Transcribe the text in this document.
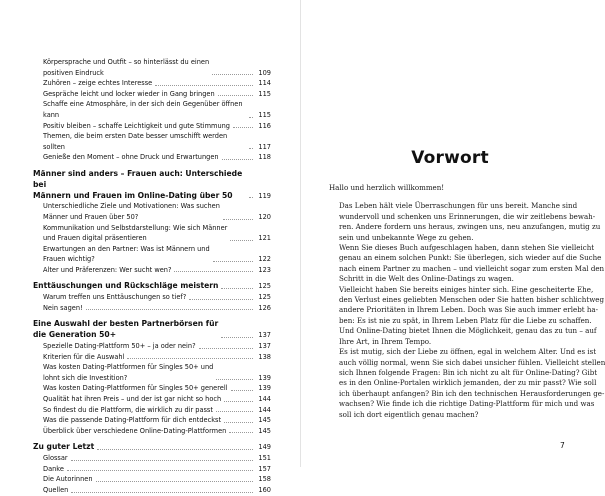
Körpersprache und Outfit – so hinterlässt du einen
positiven Eindruck	109
Zuhören – zeige echtes Interesse	114
Gespräche leicht und locker wieder in Gang bringen	115
Schaffe eine Atmosphäre, in der sich dein Gegenüber öffnen kann	115
Positiv bleiben – schaffe Leichtigkeit und gute Stimmung	116
Themen, die beim ersten Date besser umschifft werden sollten	117
Genieße den Moment – ohne Druck und Erwartungen	118
Männer sind anders – Frauen auch: Unterschiede bei
Männern und Frauen im Online-Dating über 50	119
Unterschiedliche Ziele und Motivationen: Was suchen
Männer und Frauen über 50?	120
Kommunikation und Selbstdarstellung: Wie sich Männer
und Frauen digital präsentieren	121
Erwartungen an den Partner: Was ist Männern und
Frauen wichtig?	122
Alter und Präferenzen: Wer sucht wen?	123
Enttäuschungen und Rückschläge meistern	125
Warum treffen uns Enttäuschungen so tief?	125
Nein sagen!	126
Eine Auswahl der besten Partnerbörsen für
die Generation 50+	137
Spezielle Dating-Plattform 50+ – ja oder nein?	137
Kriterien für die Auswahl	138
Was kosten Dating-Plattformen für Singles 50+ und
lohnt sich die Investition?	139
Was kosten Dating-Plattformen für Singles 50+ generell	139
Qualität hat ihren Preis – und der ist gar nicht so hoch	144
So findest du die Plattform, die wirklich zu dir passt	144
Was die passende Dating-Plattform für dich entdeckst	145
Überblick über verschiedene Online-Dating-Plattformen	145
Zu guter Letzt	149
Glossar	151
Danke	157
Die Autorinnen	158
Quellen	160
Vorwort

Hallo und herzlich willkommen!

Das Leben hält viele Überraschungen für uns bereit. Manche sind
wundervoll und schenken uns Erinnerungen, die wir zeitlebens bewah-
ren. Andere fordern uns heraus, zwingen uns, neu anzufangen, mutig zu
sein und unbekannte Wege zu gehen.

Wenn Sie dieses Buch aufgeschlagen haben, dann stehen Sie vielleicht
genau an einem solchen Punkt: Sie überlegen, sich wieder auf die Suche
nach einem Partner zu machen – und vielleicht sogar zum ersten Mal den
Schritt in die Welt des Online-Datings zu wagen.

Vielleicht haben Sie bereits einiges hinter sich. Eine gescheiterte Ehe,
den Verlust eines geliebten Menschen oder Sie hatten bisher schlichtweg
andere Prioritäten in Ihrem Leben. Doch was Sie auch immer erlebt ha-
ben: Es ist nie zu spät, in Ihrem Leben Platz für die Liebe zu schaffen.
Und Online-Dating bietet Ihnen die Möglichkeit, genau das zu tun – auf
Ihre Art, in Ihrem Tempo.

Es ist mutig, sich der Liebe zu öffnen, egal in welchem Alter. Und es ist
auch völlig normal, wenn Sie sich dabei unsicher fühlen. Vielleicht stellen
sich Ihnen folgende Fragen: Bin ich nicht zu alt für Online-Dating? Gibt
es in den Online-Portalen wirklich jemanden, der zu mir passt? Wie soll
ich überhaupt anfangen? Bin ich den technischen Herausforderungen ge-
wachsen? Wie finde ich die richtige Dating-Plattform für mich und was
soll ich dort eigentlich genau machen?

7
